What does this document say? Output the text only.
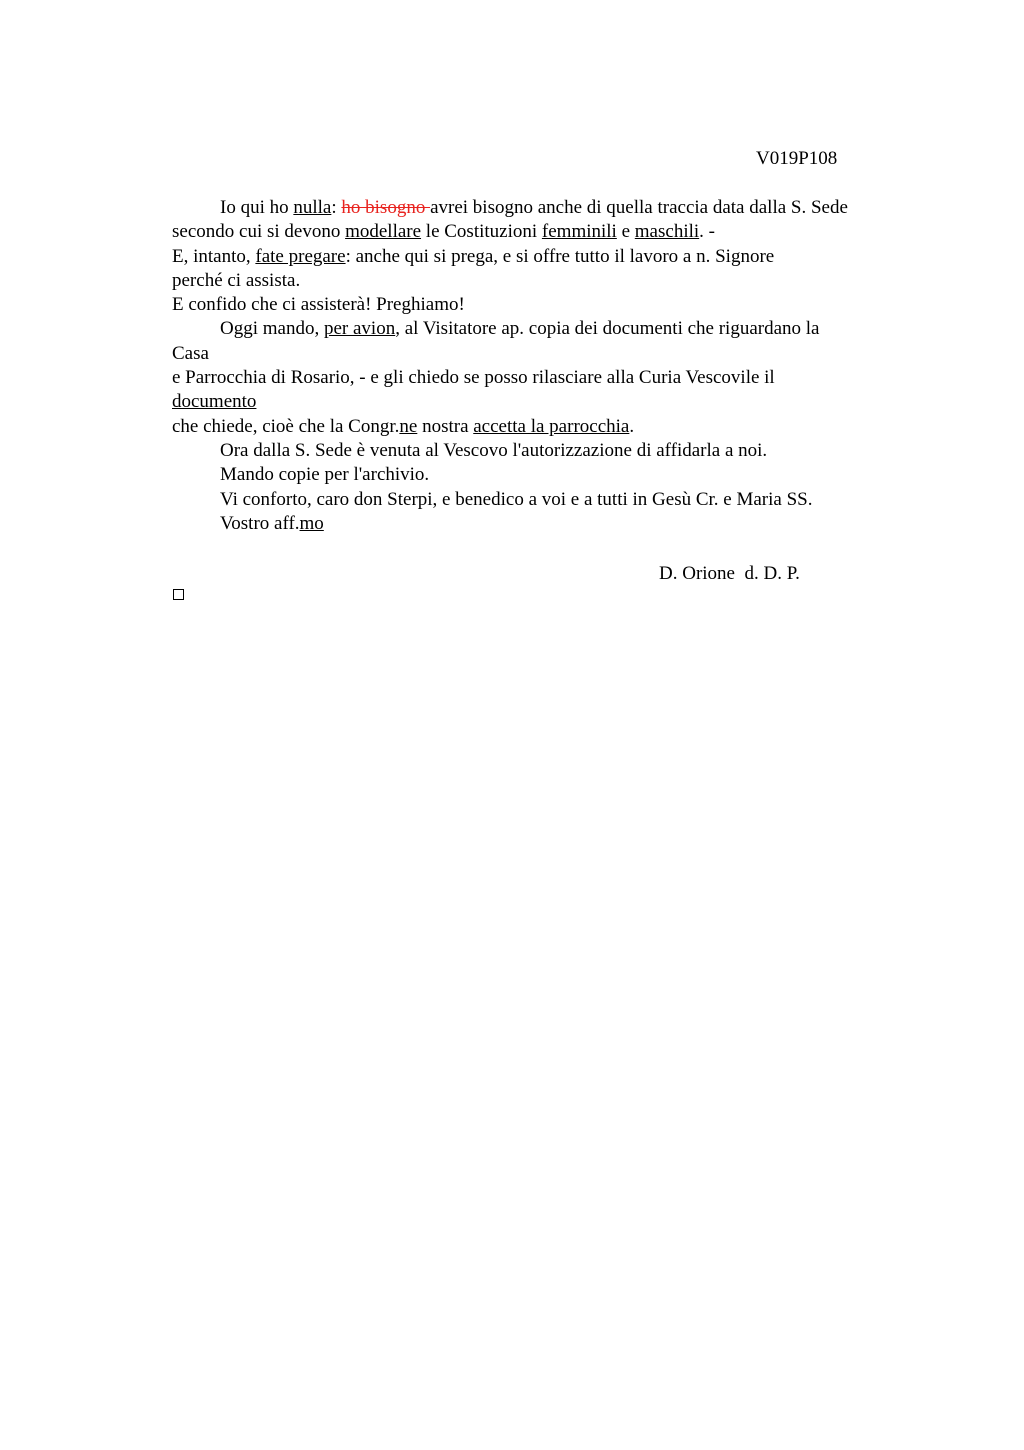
V019P108
Io qui ho nulla: ho bisogno avrei bisogno anche di quella traccia data dalla S. Sede
secondo cui si devono modellare le Costituzioni femminili e maschili. -
E, intanto, fate pregare: anche qui si prega, e si offre tutto il lavoro a n. Signore
perché ci assista.
E confido che ci assisterà! Preghiamo!
Oggi mando, per avion, al Visitatore ap. copia dei documenti che riguardano la
Casa
e Parrocchia di Rosario, - e gli chiedo se posso rilasciare alla Curia Vescovile il
documento
che chiede, cioè che la Congr.ne nostra accetta la parrocchia.
Ora dalla S. Sede è venuta al Vescovo l'autorizzazione di affidarla a noi.
Mando copie per l'archivio.
Vi conforto, caro don Sterpi, e benedico a voi e a tutti in Gesù Cr. e Maria SS.
Vostro aff.mo
D. Orione  d. D. P.
